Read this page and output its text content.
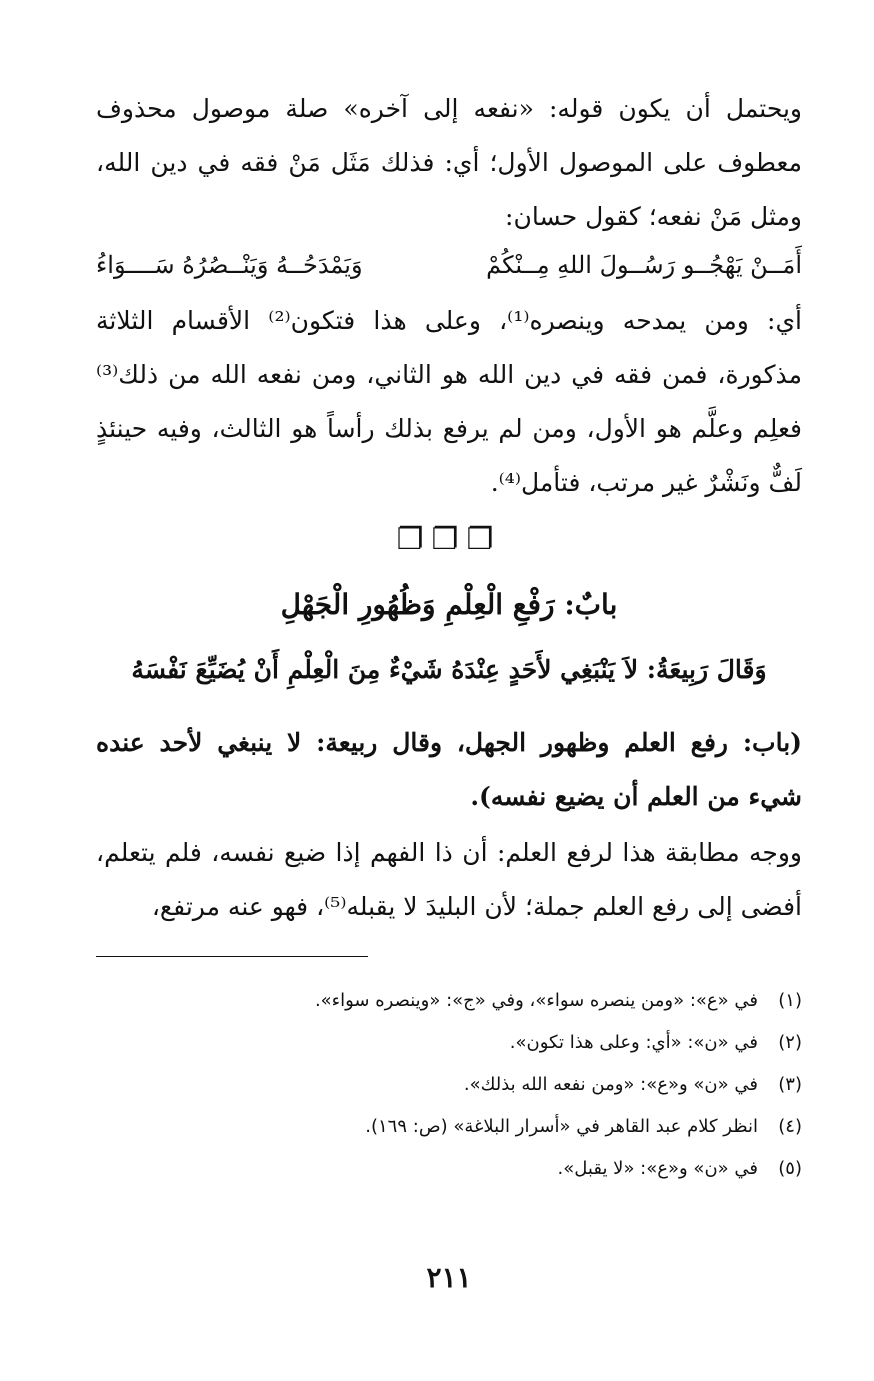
ويحتمل أن يكون قوله: «نفعه إلى آخره» صلة موصول محذوف معطوف على الموصول الأول؛ أي: فذلك مَثَل مَنْ فقه في دين الله، ومثل مَنْ نفعه؛ كقول حسان:

أَمَــنْ يَهْجُــو رَسُــولَ اللهِ مِــنْكُمْ
وَيَمْدَحُــهُ وَيَنْــصُرُهُ سَــــوَاءُ

أي: ومن يمدحه وينصره⁽¹⁾، وعلى هذا فتكون⁽²⁾ الأقسام الثلاثة مذكورة، فمن فقه في دين الله هو الثاني، ومن نفعه الله من ذلك⁽³⁾ فعلِم وعلَّم هو الأول، ومن لم يرفع بذلك رأساً هو الثالث، وفيه حينئذٍ لَفٌّ ونَشْرٌ غير مرتب، فتأمل⁽⁴⁾.

❐❐❐
بابٌ: رَفْعِ الْعِلْمِ وَظُهُورِ الْجَهْلِ
وَقَالَ رَبِيعَةُ: لاَ يَنْبَغِي لأَحَدٍ عِنْدَهُ شَيْءٌ مِنَ الْعِلْمِ أَنْ يُضَيِّعَ نَفْسَهُ

(باب: رفع العلم وظهور الجهل، وقال ربيعة: لا ينبغي لأحد عنده شيء من العلم أن يضيع نفسه).

ووجه مطابقة هذا لرفع العلم: أن ذا الفهم إذا ضيع نفسه، فلم يتعلم، أفضى إلى رفع العلم جملة؛ لأن البليدَ لا يقبله⁽⁵⁾، فهو عنه مرتفع،

(١)في «ع»: «ومن ينصره سواء»، وفي «ج»: «وينصره سواء».
(٢)في «ن»: «أي: وعلى هذا تكون».
(٣)في «ن» و«ع»: «ومن نفعه الله بذلك».
(٤)انظر كلام عبد القاهر في «أسرار البلاغة» (ص: ١٦٩).
(٥)في «ن» و«ع»: «لا يقبل».
٢١١
